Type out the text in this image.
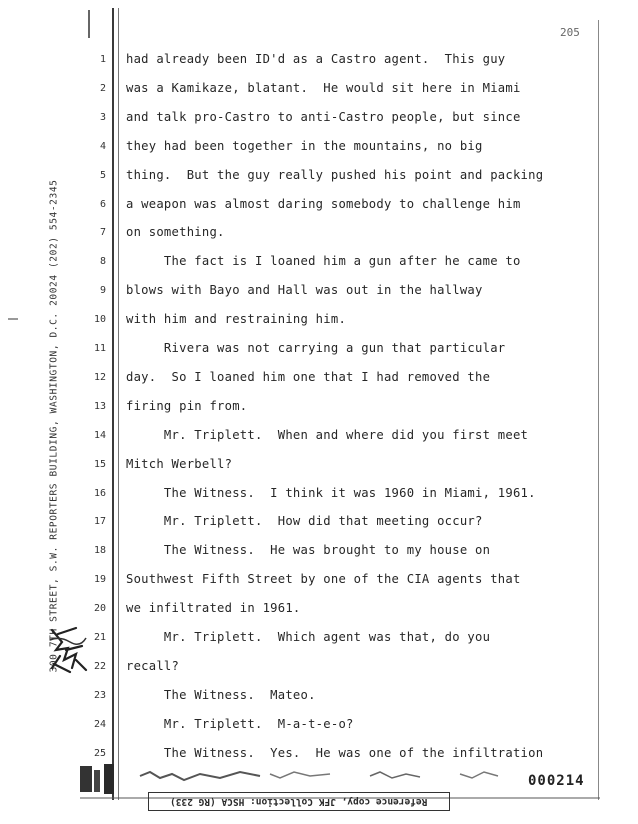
205
300 7TH STREET, S.W. REPORTERS BUILDING, WASHINGTON, D.C. 20024 (202) 554-2345
1 had already been ID'd as a Castro agent.  This guy
2 was a Kamikaze, blatant.  He would sit here in Miami
3 and talk pro-Castro to anti-Castro people, but since
4 they had been together in the mountains, no big
5 thing.  But the guy really pushed his point and packing
6 a weapon was almost daring somebody to challenge him
7 on something.
8 The fact is I loaned him a gun after he came to
9 blows with Bayo and Hall was out in the hallway
10 with him and restraining him.
11 Rivera was not carrying a gun that particular
12 day.  So I loaned him one that I had removed the
13 firing pin from.
14 Mr. Triplett.  When and where did you first meet
15 Mitch Werbell?
16 The Witness.  I think it was 1960 in Miami, 1961.
17 Mr. Triplett.  How did that meeting occur?
18 The Witness.  He was brought to my house on
19 Southwest Fifth Street by one of the CIA agents that
20 we infiltrated in 1961.
21 Mr. Triplett.  Which agent was that, do you
22 recall?
23 The Witness.  Mateo.
24 Mr. Triplett.  M-a-t-e-o?
25 The Witness.  Yes.  He was one of the infiltration
000214
Reference copy, JFK Collection: HSCA (RG 233)
